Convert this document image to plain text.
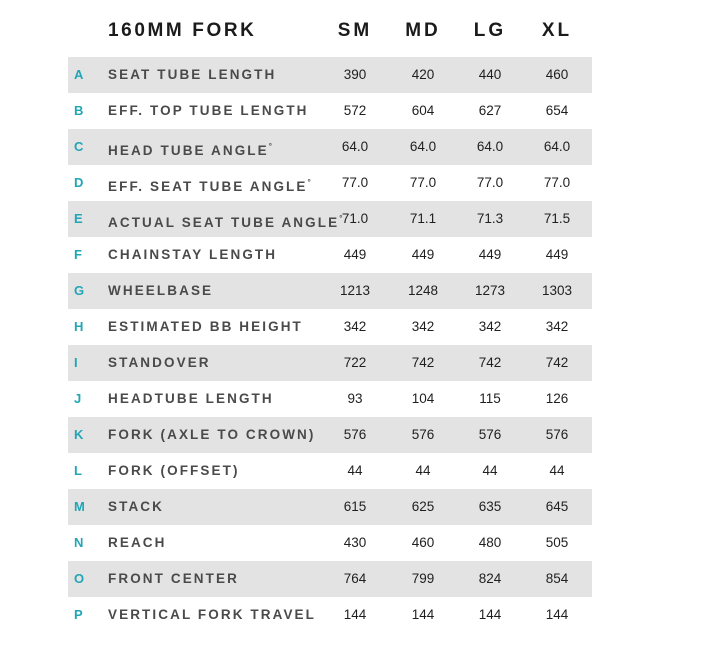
160MM FORK	SM	MD	LG	XL
A SEAT TUBE LENGTH	390	420	440	460
B EFF. TOP TUBE LENGTH	572	604	627	654
C HEAD TUBE ANGLE°	64.0	64.0	64.0	64.0
D EFF. SEAT TUBE ANGLE°	77.0	77.0	77.0	77.0
E ACTUAL SEAT TUBE ANGLE° 71.0	71.1	71.3	71.5
F CHAINSTAY LENGTH	449	449	449	449
G WHEELBASE	1213	1248	1273	1303
H ESTIMATED BB HEIGHT	342	342	342	342
I STANDOVER	722	742	742	742
J HEADTUBE LENGTH	93	104	115	126
K FORK (AXLE TO CROWN)	576	576	576	576
L FORK (OFFSET)	44	44	44	44
M STACK	615	625	635	645
N REACH	430	460	480	505
O FRONT CENTER	764	799	824	854
P VERTICAL FORK TRAVEL	144	144	144	144
